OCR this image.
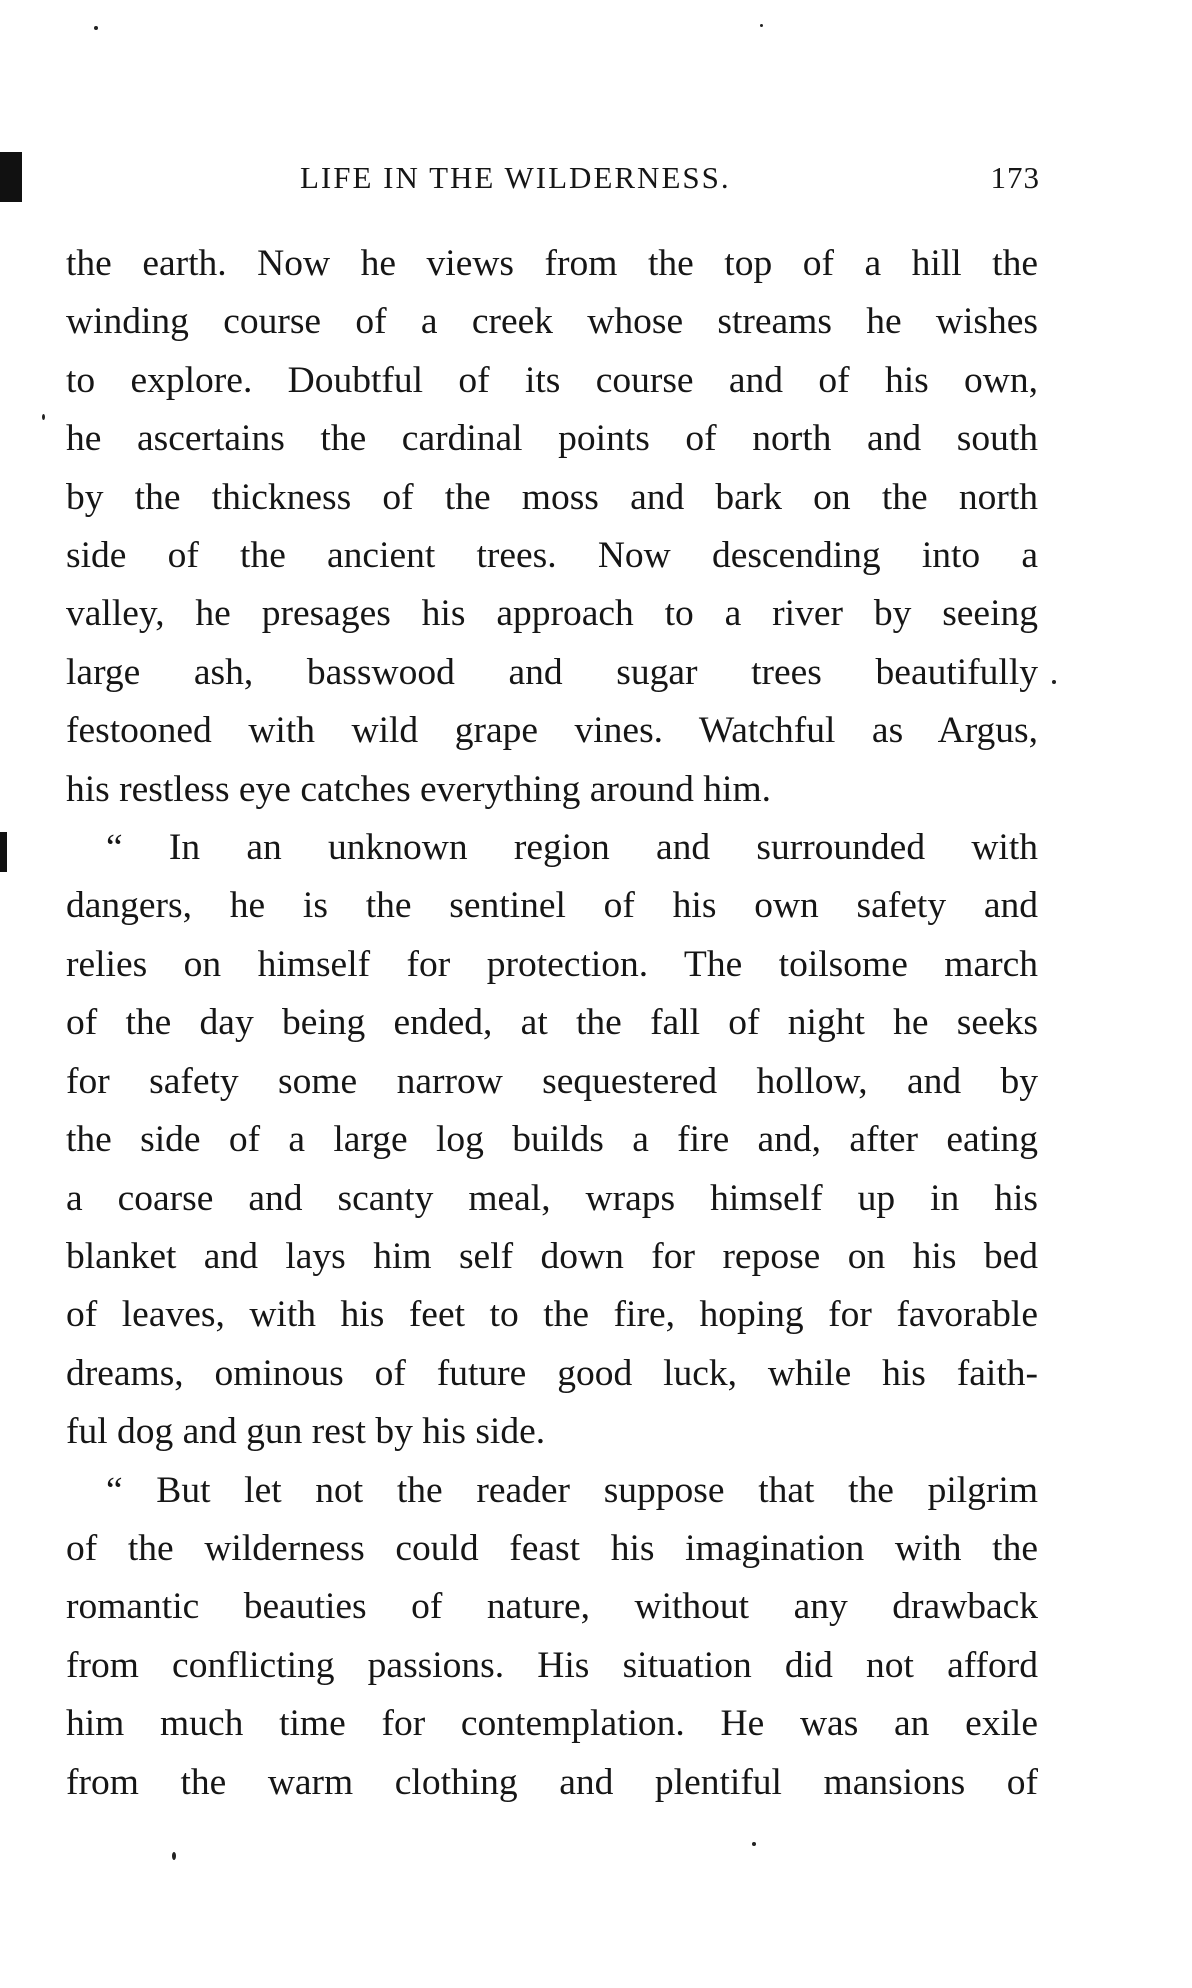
LIFE IN THE WILDERNESS.	173

the earth. Now he views from the top of a hill the
winding course of a creek whose streams he wishes
to explore. Doubtful of its course and of his own,
he ascertains the cardinal points of north and south
by the thickness of the moss and bark on the north
side of the ancient trees. Now descending into a
valley, he presages his approach to a river by seeing
large ash, basswood and sugar trees beautifully
festooned with wild grape vines. Watchful as Argus,
his restless eye catches everything around him.

“ In an unknown region and surrounded with
dangers, he is the sentinel of his own safety and
relies on himself for protection. The toilsome march
of the day being ended, at the fall of night he seeks
for safety some narrow sequestered hollow, and by
the side of a large log builds a fire and, after eating
a coarse and scanty meal, wraps himself up in his
blanket and lays him self down for repose on his bed
of leaves, with his feet to the fire, hoping for favorable
dreams, ominous of future good luck, while his faith-
ful dog and gun rest by his side.

“ But let not the reader suppose that the pilgrim
of the wilderness could feast his imagination with the
romantic beauties of nature, without any drawback
from conflicting passions. His situation did not afford
him much time for contemplation. He was an exile
from the warm clothing and plentiful mansions of
